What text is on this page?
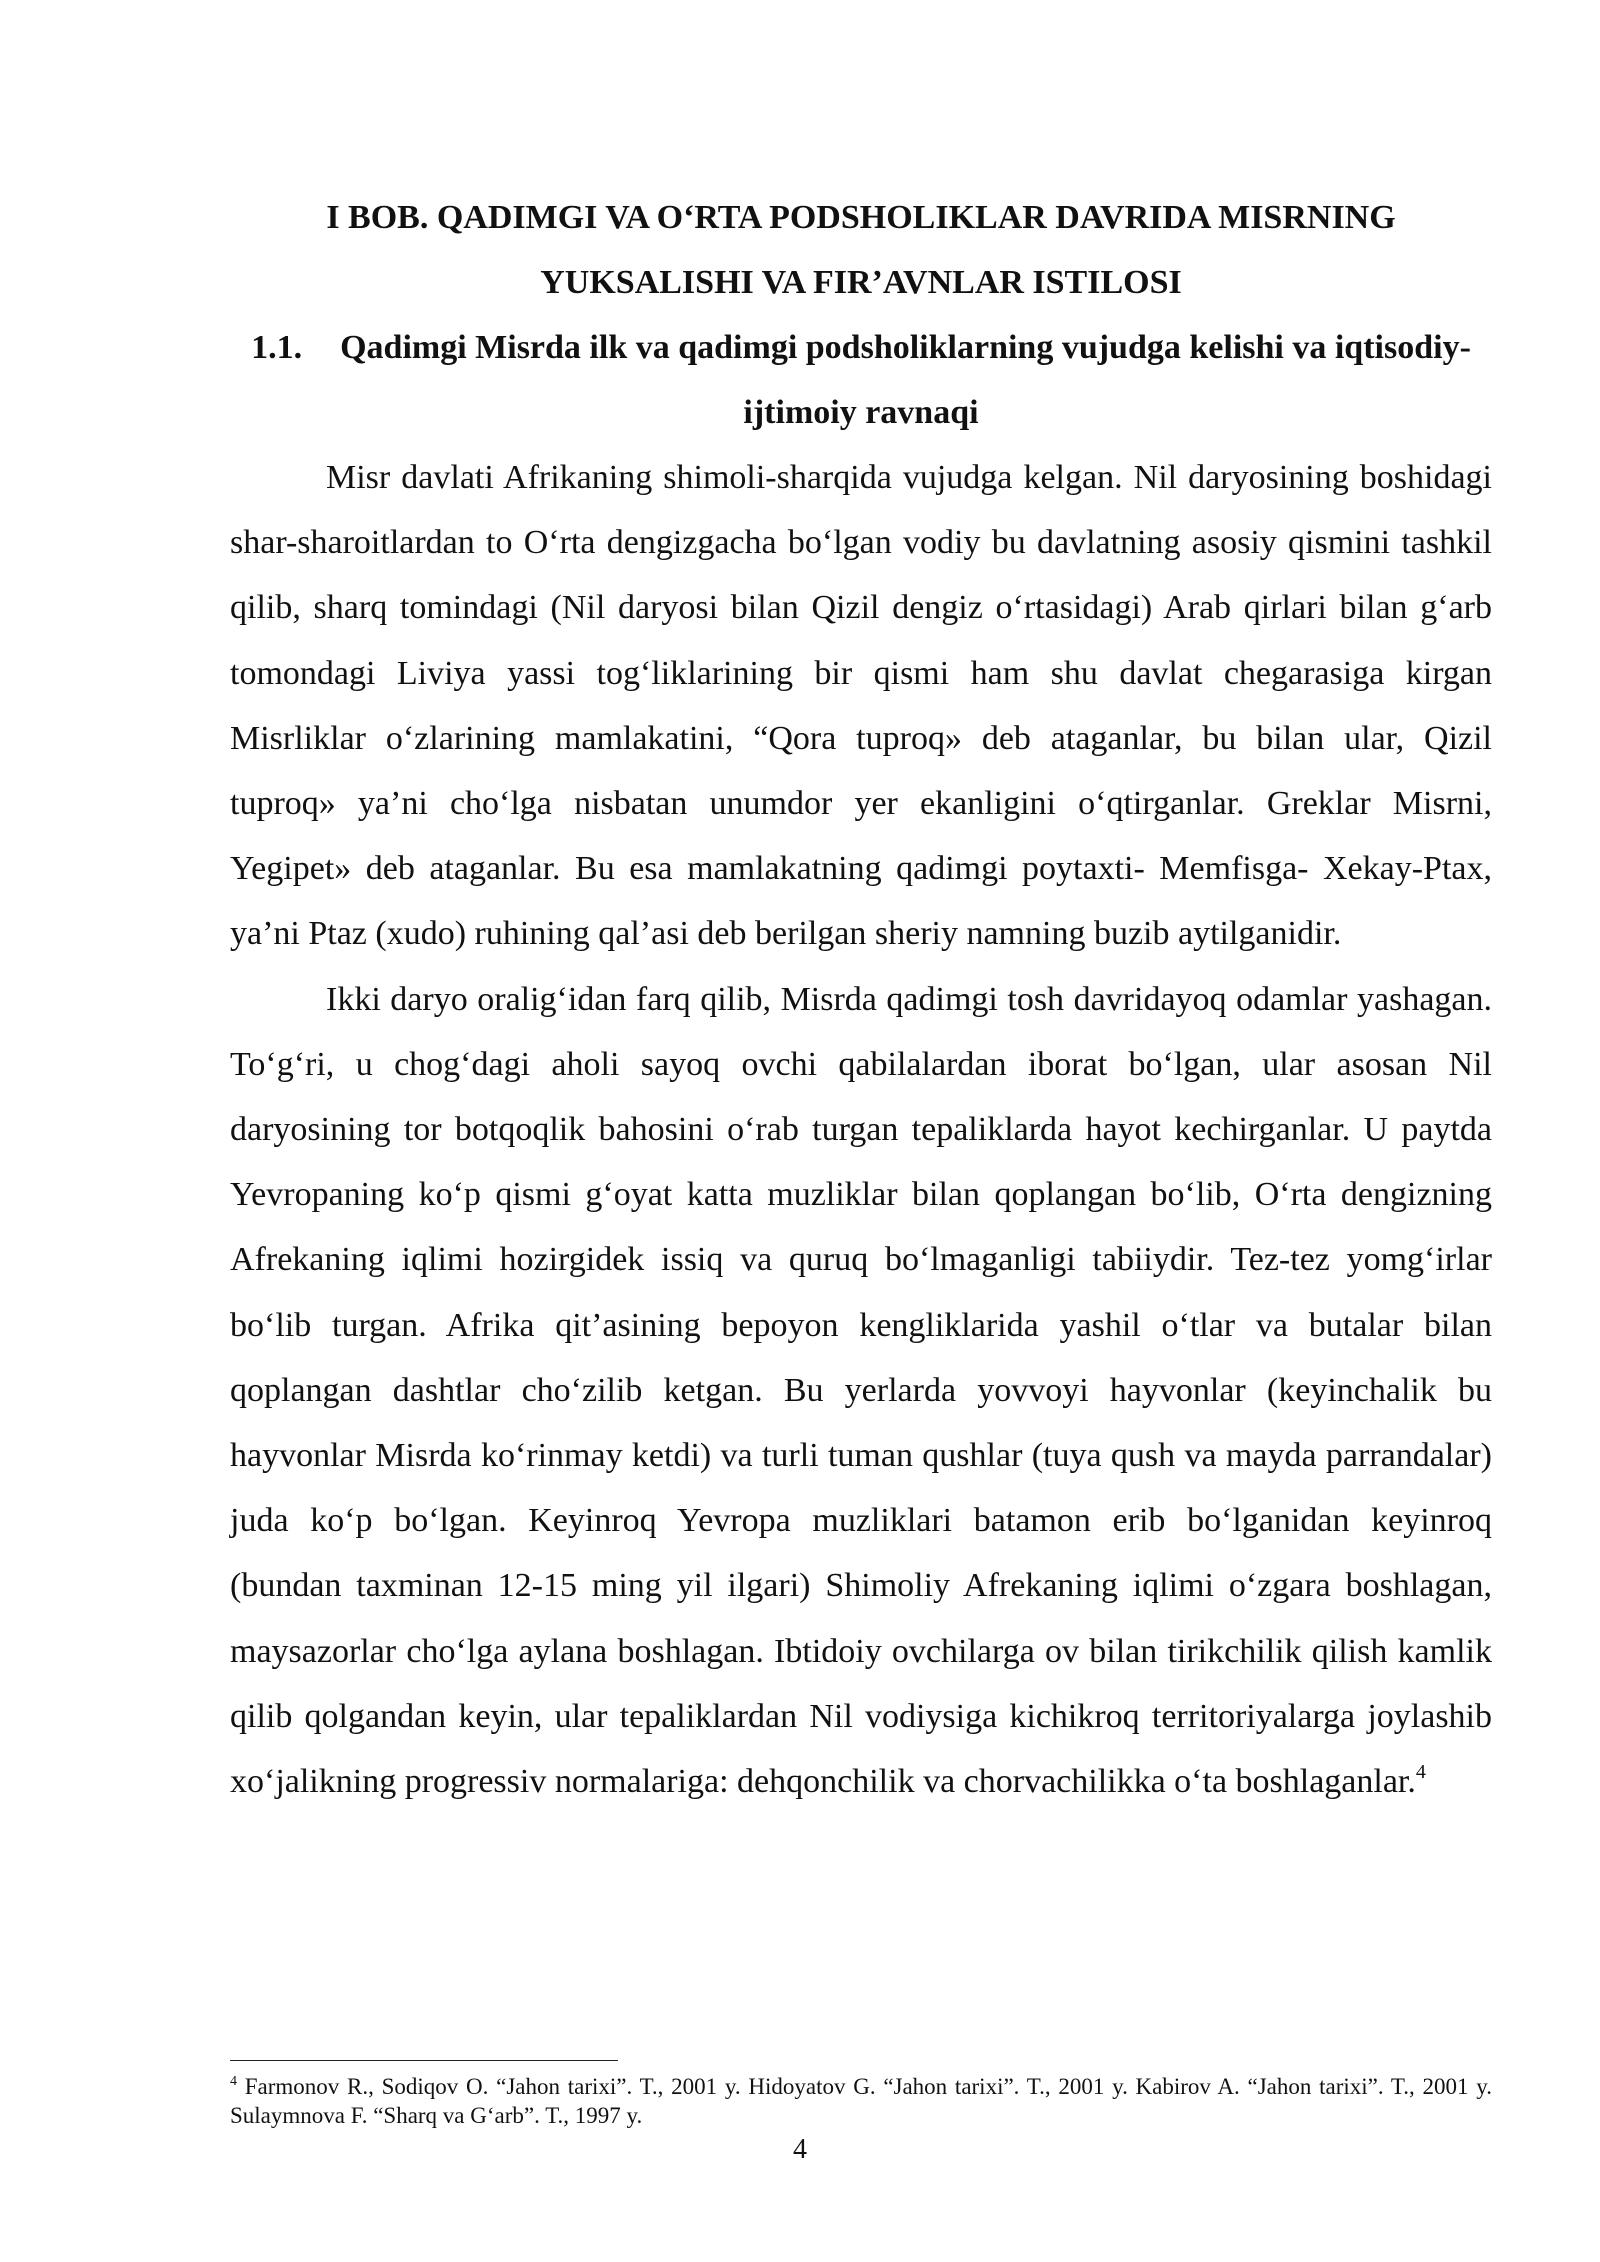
I BOB. QADIMGI VA O‘RTA PODSHOLIKLAR DAVRIDA MISRNING YUKSALISHI VA FIR’AVNLAR ISTILOSI
1.1. Qadimgi Misrda ilk va qadimgi podsholiklarning vujudga kelishi va iqtisodiy-ijtimoiy ravnaqi

Misr davlati Afrikaning shimoli-sharqida vujudga kelgan. Nil daryosining boshidagi shar-sharoitlardan to O‘rta dengizgacha bo‘lgan vodiy bu davlatning asosiy qismini tashkil qilib, sharq tomindagi (Nil daryosi bilan Qizil dengiz o‘rtasidagi) Arab qirlari bilan g‘arb tomondagi Liviya yassi tog‘liklarining bir qismi ham shu davlat chegarasiga kirgan Misrliklar o‘zlarining mamlakatini, “Qora tuproq» deb ataganlar, bu bilan ular, Qizil tuproq» ya’ni cho‘lga nisbatan unumdor yer ekanligini o‘qtirganlar. Greklar Misrni, Yegipet» deb ataganlar. Bu esa mamlakatning qadimgi poytaxti- Memfisga- Xekay-Ptax, ya’ni Ptaz (xudo) ruhining qal’asi deb berilgan sheriy namning buzib aytilganidir.

Ikki daryo oralig‘idan farq qilib, Misrda qadimgi tosh davridayoq odamlar yashagan. To‘g‘ri, u chog‘dagi aholi sayoq ovchi qabilalardan iborat bo‘lgan, ular asosan Nil daryosining tor botqoqlik bahosini o‘rab turgan tepaliklarda hayot kechirganlar. U paytda Yevropaning ko‘p qismi g‘oyat katta muzliklar bilan qoplangan bo‘lib, O‘rta dengizning Afrekaning iqlimi hozirgidek issiq va quruq bo‘lmaganligi tabiiydir. Tez-tez yomg‘irlar bo‘lib turgan. Afrika qit’asining bepoyon kengliklarida yashil o‘tlar va butalar bilan qoplangan dashtlar cho‘zilib ketgan. Bu yerlarda yovvoyi hayvonlar (keyinchalik bu hayvonlar Misrda ko‘rinmay ketdi) va turli tuman qushlar (tuya qush va mayda parrandalar) juda ko‘p bo‘lgan. Keyinroq Yevropa muzliklari batamon erib bo‘lganidan keyinroq (bundan taxminan 12-15 ming yil ilgari) Shimoliy Afrekaning iqlimi o‘zgara boshlagan, maysazorlar cho‘lga aylana boshlagan. Ibtidoiy ovchilarga ov bilan tirikchilik qilish kamlik qilib qolgandan keyin, ular tepaliklardan Nil vodiysiga kichikroq territoriyalarga joylashib xo‘jalikning progressiv normalariga: dehqonchilik va chorvachilikka o‘ta boshlaganlar.$^4$

$^4$ Farmonov R., Sodiqov O. “Jahon tarixi”. T., 2001 y. Hidoyatov G. “Jahon tarixi”. T., 2001 y. Kabirov A. “Jahon tarixi”. T., 2001 y. Sulaymnova F. “Sharq va G‘arb”. T., 1997 y.

4
